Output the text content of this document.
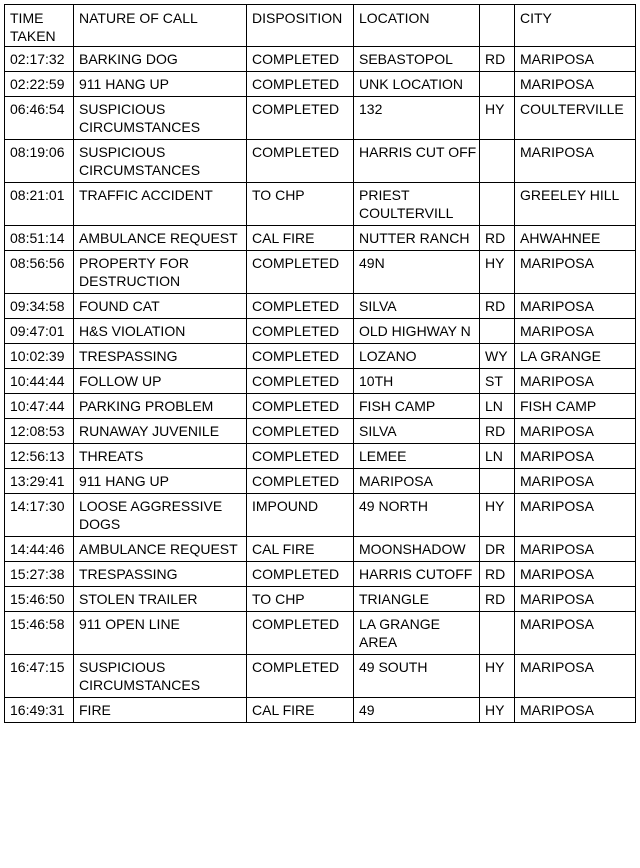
TIME TAKEN	NATURE OF CALL	DISPOSITION	LOCATION		CITY
02:17:32	BARKING DOG	COMPLETED	SEBASTOPOL	RD	MARIPOSA
02:22:59	911 HANG UP	COMPLETED	UNK LOCATION		MARIPOSA
06:46:54	SUSPICIOUS CIRCUMSTANCES	COMPLETED	132	HY	COULTERVILLE
08:19:06	SUSPICIOUS CIRCUMSTANCES	COMPLETED	HARRIS CUT OFF		MARIPOSA
08:21:01	TRAFFIC ACCIDENT	TO CHP	PRIEST COULTERVILL		GREELEY HILL
08:51:14	AMBULANCE REQUEST	CAL FIRE	NUTTER RANCH	RD	AHWAHNEE
08:56:56	PROPERTY FOR DESTRUCTION	COMPLETED	49N	HY	MARIPOSA
09:34:58	FOUND CAT	COMPLETED	SILVA	RD	MARIPOSA
09:47:01	H&S VIOLATION	COMPLETED	OLD HIGHWAY N		MARIPOSA
10:02:39	TRESPASSING	COMPLETED	LOZANO	WY	LA GRANGE
10:44:44	FOLLOW UP	COMPLETED	10TH	ST	MARIPOSA
10:47:44	PARKING PROBLEM	COMPLETED	FISH CAMP	LN	FISH CAMP
12:08:53	RUNAWAY JUVENILE	COMPLETED	SILVA	RD	MARIPOSA
12:56:13	THREATS	COMPLETED	LEMEE	LN	MARIPOSA
13:29:41	911 HANG UP	COMPLETED	MARIPOSA		MARIPOSA
14:17:30	LOOSE AGGRESSIVE DOGS	IMPOUND	49 NORTH	HY	MARIPOSA
14:44:46	AMBULANCE REQUEST	CAL FIRE	MOONSHADOW	DR	MARIPOSA
15:27:38	TRESPASSING	COMPLETED	HARRIS CUTOFF	RD	MARIPOSA
15:46:50	STOLEN TRAILER	TO CHP	TRIANGLE	RD	MARIPOSA
15:46:58	911 OPEN LINE	COMPLETED	LA GRANGE AREA		MARIPOSA
16:47:15	SUSPICIOUS CIRCUMSTANCES	COMPLETED	49 SOUTH	HY	MARIPOSA
16:49:31	FIRE	CAL FIRE	49	HY	MARIPOSA
